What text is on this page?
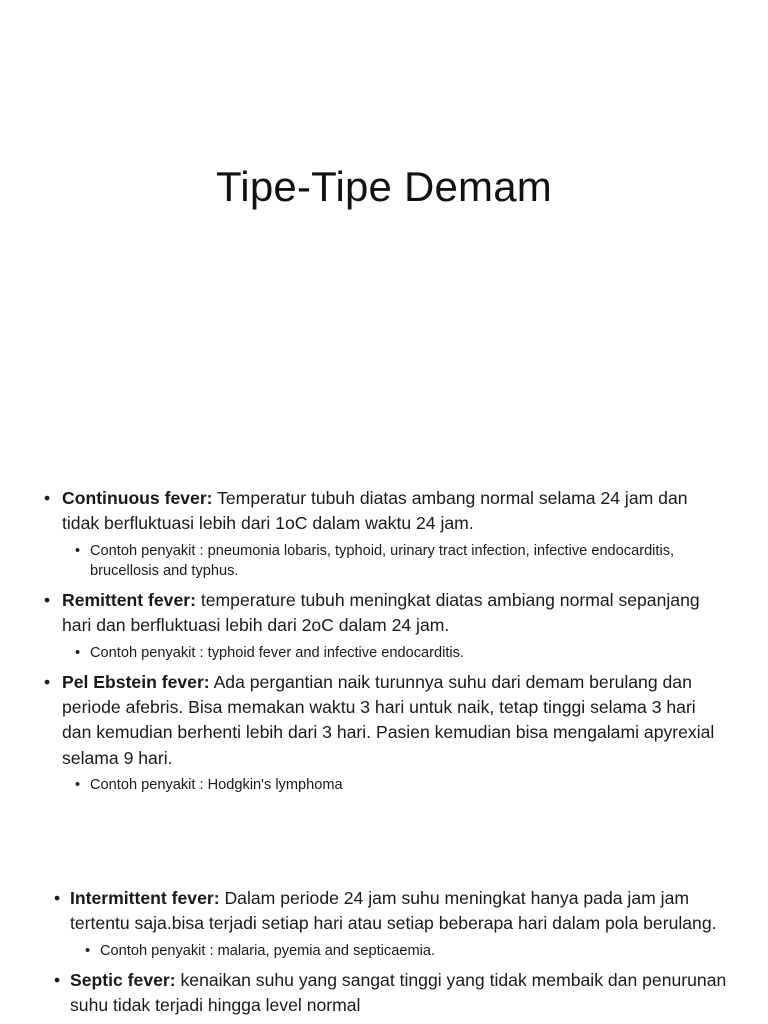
Tipe-Tipe Demam
• Continuous fever: Temperatur tubuh diatas ambang normal selama 24 jam dan tidak berfluktuasi lebih dari 1oC dalam waktu 24 jam.
• Contoh penyakit : pneumonia lobaris, typhoid, urinary tract infection, infective endocarditis, brucellosis and typhus.
• Remittent fever: temperature tubuh meningkat diatas ambiang normal sepanjang hari dan berfluktuasi lebih dari 2oC dalam 24 jam.
• Contoh penyakit : typhoid fever and infective endocarditis.
• Pel Ebstein fever: Ada pergantian naik turunnya suhu dari demam berulang dan periode afebris. Bisa memakan waktu 3 hari untuk naik, tetap tinggi selama 3 hari dan kemudian berhenti lebih dari 3 hari. Pasien kemudian bisa mengalami apyrexial selama 9 hari.
• Contoh penyakit : Hodgkin's lymphoma
• Intermittent fever: Dalam periode 24 jam suhu meningkat hanya pada jam jam tertentu saja.bisa terjadi setiap hari atau setiap beberapa hari dalam pola berulang.
• Contoh penyakit : malaria, pyemia and septicaemia.
• Septic fever: kenaikan suhu yang sangat tinggi yang tidak membaik dan penurunan suhu tidak terjadi hingga level normal
